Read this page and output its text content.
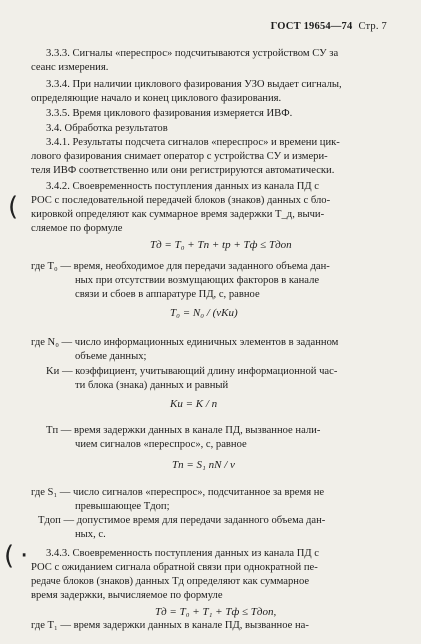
ГОСТ 19654—74 Стр. 7
3.3.3. Сигналы «переспрос» подсчитываются устройством СУ за
сеанс измерения.
3.3.4. При наличии циклового фазирования УЗО выдает сигналы,
определяющие начало и конец циклового фазирования.
3.3.5. Время циклового фазирования измеряется ИВФ.
3.4. Обработка результатов
3.4.1. Результаты подсчета сигналов «переспрос» и времени цик-
лового фазирования снимает оператор с устройства СУ и измери-
теля ИВФ соответственно или они регистрируются автоматически.
3.4.2. Своевременность поступления данных из канала ПД с
РОС с последовательной передачей блоков (знаков) данных с бло-
кировкой определяют как суммарное время задержки T_д, вычи-
сляемое по формуле
(
Tд = T₀ + Tп + tр + Tф ≤ Tдоп
где T₀ — время, необходимое для передачи заданного объема дан-
ных при отсутствии возмущающих факторов в канале
связи и сбоев в аппаратуре ПД, с, равное
T₀ = N₀ / (vKи)
где N₀ — число информационных единичных элементов в заданном
объеме данных;
Kи — коэффициент, учитывающий длину информационной час-
ти блока (знака) данных и равный
Kи = K / n
Tп — время задержки данных в канале ПД, вызванное нали-
чием сигналов «переспрос», с, равное
Tп = S₁ nN / v
где S₁ — число сигналов «переспрос», подсчитанное за время не
превышающее Tдоп;
Tдоп — допустимое время для передачи заданного объема дан-
ных, с.
( · 3.4.3. Своевременность поступления данных из канала ПД с
РОС с ожиданием сигнала обратной связи при однократной пе-
редаче блоков (знаков) данных Tд определяют как суммарное
время задержки, вычисляемое по формуле
Tд = T₀ + T₁ + Tф ≤ Tдоп,
где T₁ — время задержки данных в канале ПД, вызванное на-
